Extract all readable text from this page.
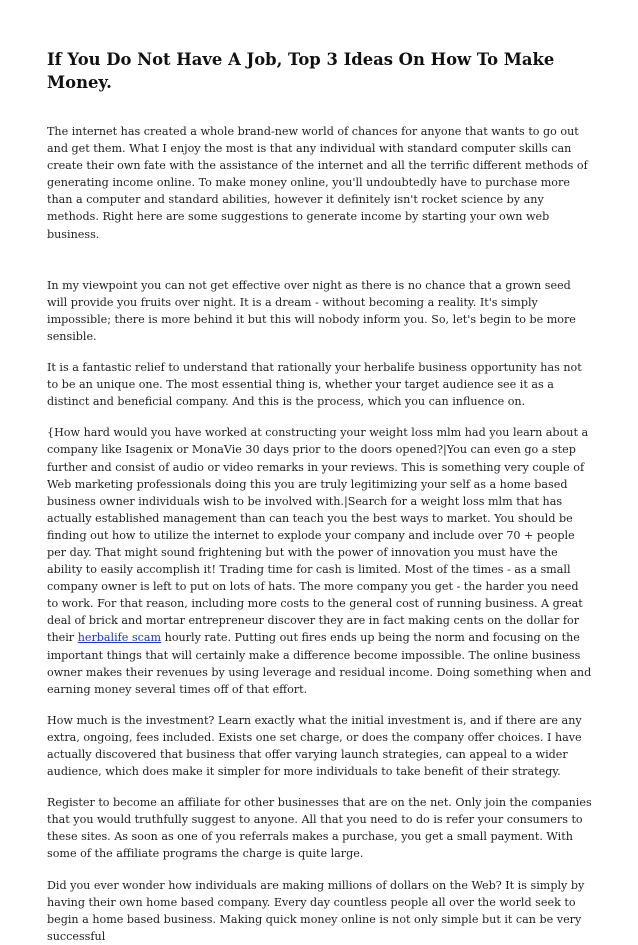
If You Do Not Have A Job, Top 3 Ideas On How To Make Money.

The internet has created a whole brand-new world of chances for anyone that wants to go out and get them. What I enjoy the most is that any individual with standard computer skills can create their own fate with the assistance of the internet and all the terrific different methods of generating income online. To make money online, you'll undoubtedly have to purchase more than a computer and standard abilities, however it definitely isn't rocket science by any methods. Right here are some suggestions to generate income by starting your own web business.

In my viewpoint you can not get effective over night as there is no chance that a grown seed will provide you fruits over night. It is a dream - without becoming a reality. It's simply impossible; there is more behind it but this will nobody inform you. So, let's begin to be more sensible.

It is a fantastic relief to understand that rationally your herbalife business opportunity has not to be an unique one. The most essential thing is, whether your target audience see it as a distinct and beneficial company. And this is the process, which you can influence on.

{How hard would you have worked at constructing your weight loss mlm had you learn about a company like Isagenix or MonaVie 30 days prior to the doors opened?|You can even go a step further and consist of audio or video remarks in your reviews. This is something very couple of Web marketing professionals doing this you are truly legitimizing your self as a home based business owner individuals wish to be involved with.|Search for a weight loss mlm that has actually established management than can teach you the best ways to market. You should be finding out how to utilize the internet to explode your company and include over 70 + people per day. That might sound frightening but with the power of innovation you must have the ability to easily accomplish it! Trading time for cash is limited. Most of the times - as a small company owner is left to put on lots of hats. The more company you get - the harder you need to work. For that reason, including more costs to the general cost of running business. A great deal of brick and mortar entrepreneur discover they are in fact making cents on the dollar for their herbalife scam hourly rate. Putting out fires ends up being the norm and focusing on the important things that will certainly make a difference become impossible. The online business owner makes their revenues by using leverage and residual income. Doing something when and earning money several times off of that effort.

How much is the investment? Learn exactly what the initial investment is, and if there are any extra, ongoing, fees included. Exists one set charge, or does the company offer choices. I have actually discovered that business that offer varying launch strategies, can appeal to a wider audience, which does make it simpler for more individuals to take benefit of their strategy.

Register to become an affiliate for other businesses that are on the net. Only join the companies that you would truthfully suggest to anyone. All that you need to do is refer your consumers to these sites. As soon as one of you referrals makes a purchase, you get a small payment. With some of the affiliate programs the charge is quite large.

Did you ever wonder how individuals are making millions of dollars on the Web? It is simply by having their own home based company. Every day countless people all over the world seek to begin a home based business. Making quick money online is not only simple but it can be very successful
